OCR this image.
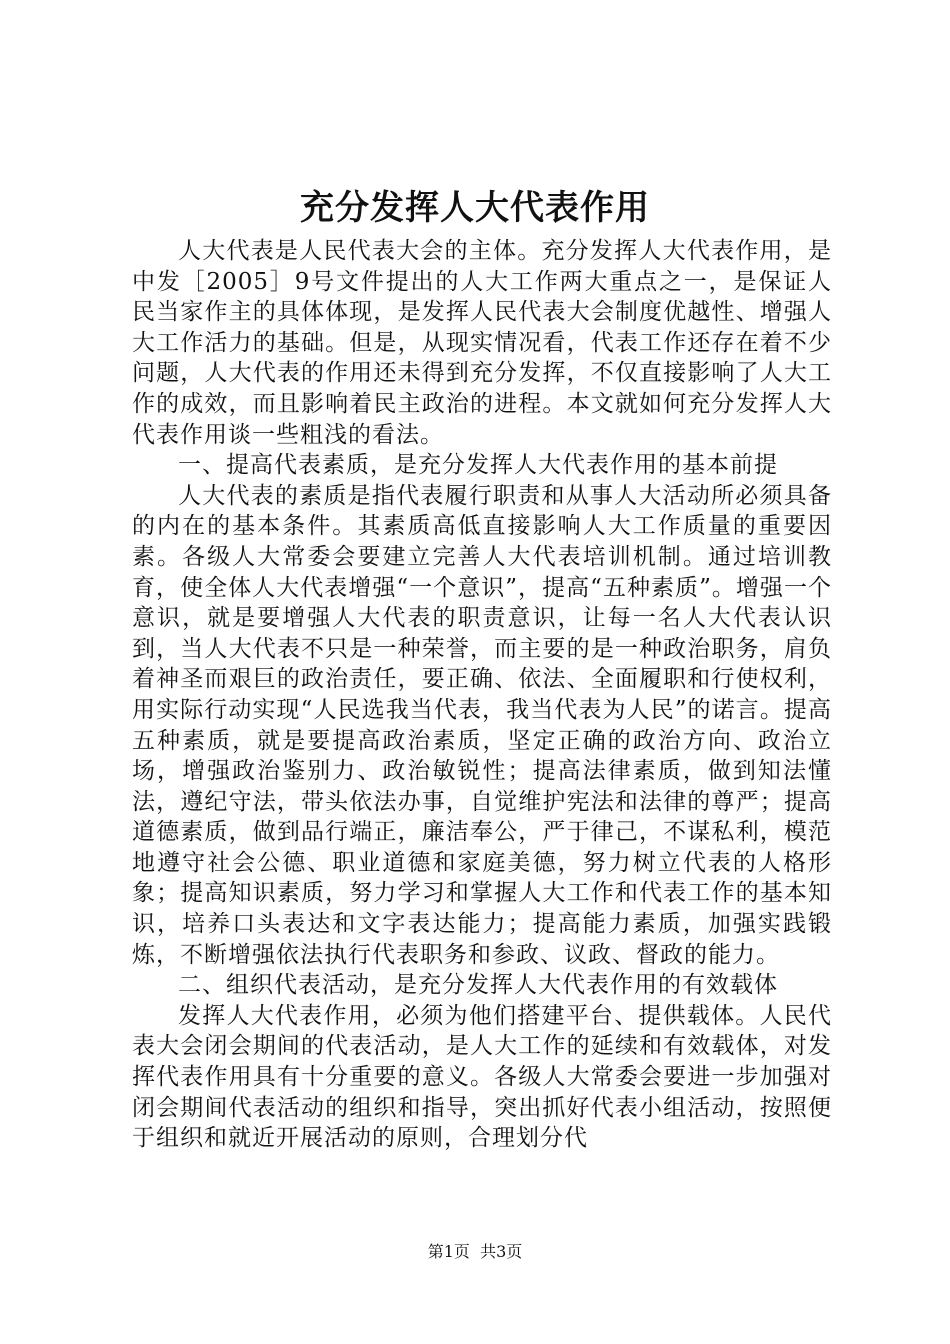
充分发挥人大代表作用

人大代表是人民代表大会的主体。充分发挥人大代表作用，是中发［2005］9号文件提出的人大工作两大重点之一，是保证人民当家作主的具体体现，是发挥人民代表大会制度优越性、增强人大工作活力的基础。但是，从现实情况看，代表工作还存在着不少问题，人大代表的作用还未得到充分发挥，不仅直接影响了人大工作的成效，而且影响着民主政治的进程。本文就如何充分发挥人大代表作用谈一些粗浅的看法。

一、提高代表素质，是充分发挥人大代表作用的基本前提

人大代表的素质是指代表履行职责和从事人大活动所必须具备的内在的基本条件。其素质高低直接影响人大工作质量的重要因素。各级人大常委会要建立完善人大代表培训机制。通过培训教育，使全体人大代表增强“一个意识”，提高“五种素质”。增强一个意识，就是要增强人大代表的职责意识，让每一名人大代表认识到，当人大代表不只是一种荣誉，而主要的是一种政治职务，肩负着神圣而艰巨的政治责任，要正确、依法、全面履职和行使权利，用实际行动实现“人民选我当代表，我当代表为人民”的诺言。提高五种素质，就是要提高政治素质，坚定正确的政治方向、政治立场，增强政治鉴别力、政治敏锐性；提高法律素质，做到知法懂法，遵纪守法，带头依法办事，自觉维护宪法和法律的尊严；提高道德素质，做到品行端正，廉洁奉公，严于律己，不谋私利，模范地遵守社会公德、职业道德和家庭美德，努力树立代表的人格形象；提高知识素质，努力学习和掌握人大工作和代表工作的基本知识，培养口头表达和文字表达能力；提高能力素质，加强实践锻炼，不断增强依法执行代表职务和参政、议政、督政的能力。

二、组织代表活动，是充分发挥人大代表作用的有效载体

发挥人大代表作用，必须为他们搭建平台、提供载体。人民代表大会闭会期间的代表活动，是人大工作的延续和有效载体，对发挥代表作用具有十分重要的意义。各级人大常委会要进一步加强对闭会期间代表活动的组织和指导，突出抓好代表小组活动，按照便于组织和就近开展活动的原则，合理划分代

第1页 共3页
